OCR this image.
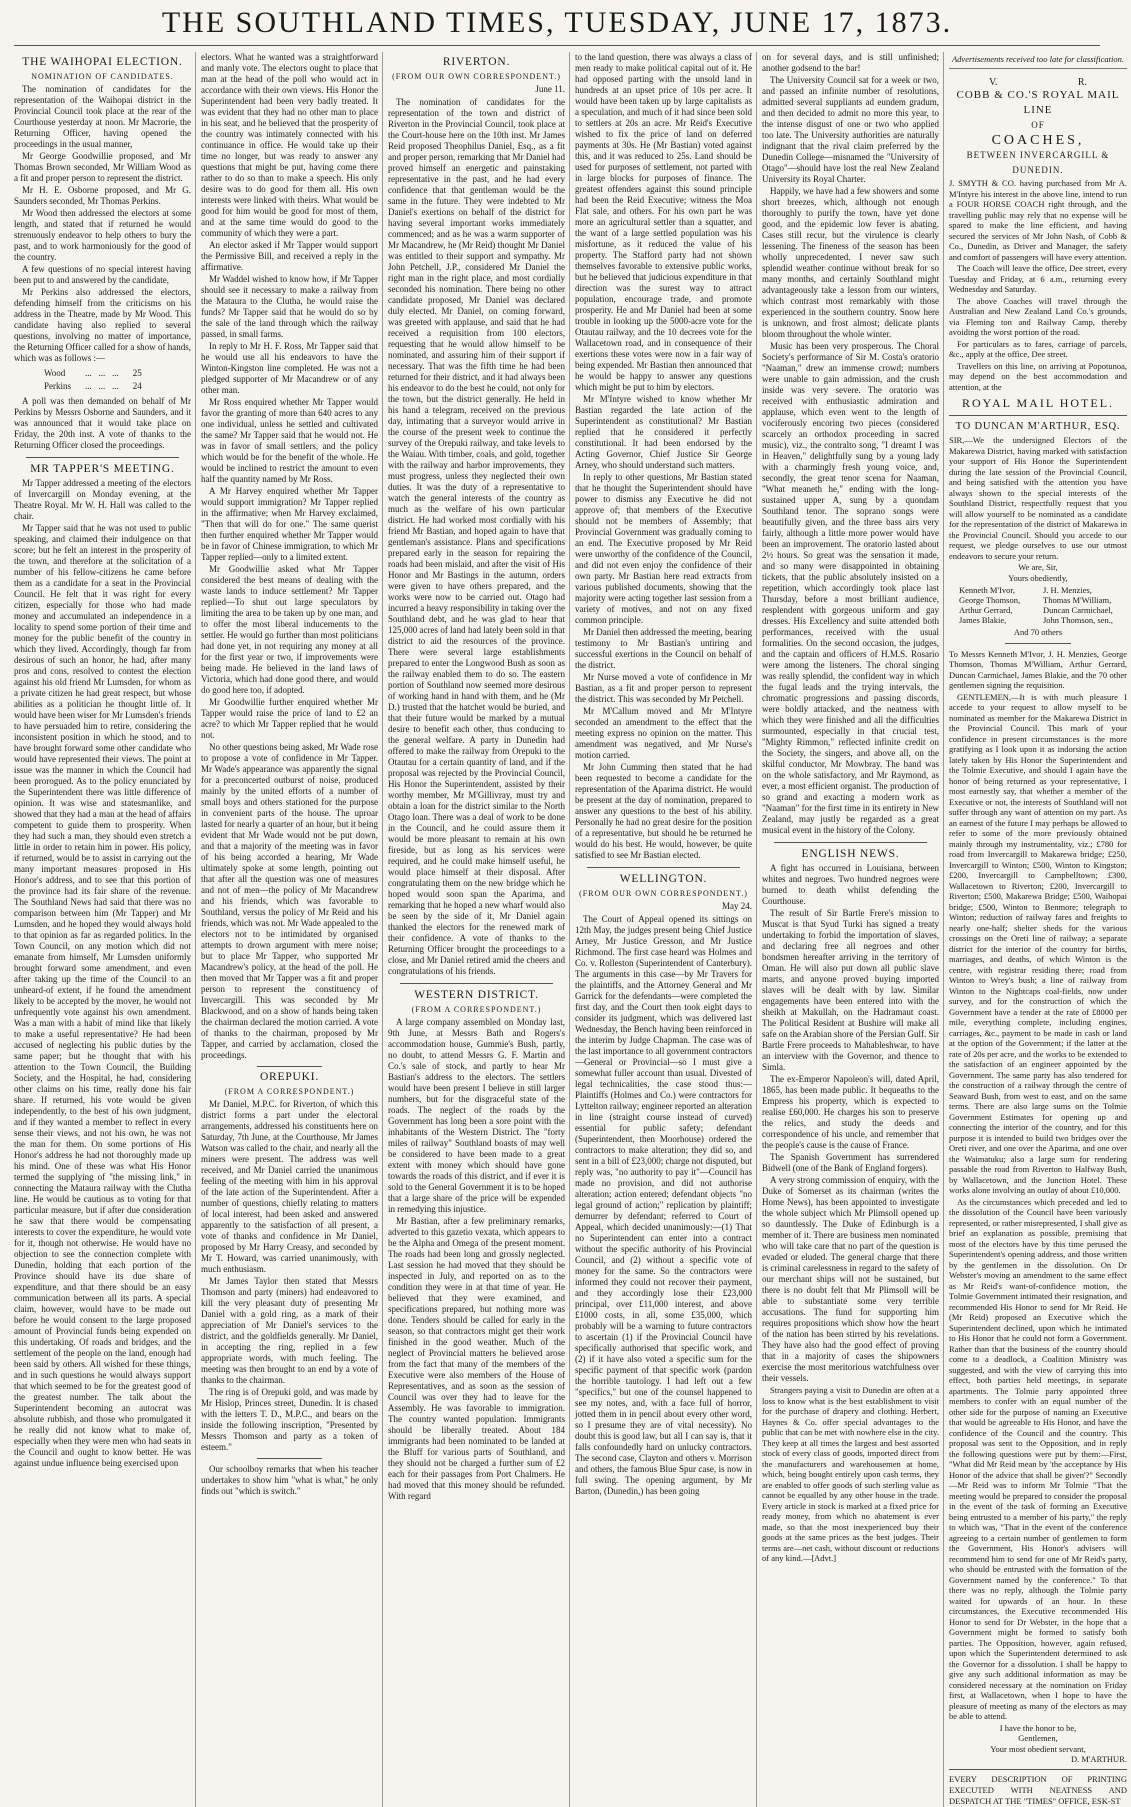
THE SOUTHLAND TIMES, TUESDAY, JUNE 17, 1873.
THE WAIHOPAI ELECTION.
NOMINATION OF CANDIDATES.

The nomination of candidates for the representation of the Waihopai district in the Provincial Council took place at the rear of the Courthouse yesterday at noon. Mr Macrorie, the Returning Officer, having opened the proceedings in the usual manner,

Mr George Goodwillie proposed, and Mr Thomas Brown seconded, Mr William Wood as a fit and proper person to represent the district.

Mr H. E. Osborne proposed, and Mr G. Saunders seconded, Mr Thomas Perkins.

Mr Wood then addressed the electors at some length, and stated that if returned he would strenuously endeavor to help others to bury the past, and to work harmoniously for the good of the country.

A few questions of no special interest having been put to and answered by the candidate,

Mr Perkins also addressed the electors, defending himself from the criticisms on his address in the Theatre, made by Mr Wood. This candidate having also replied to several questions, involving no matter of importance, the Returning Officer called for a show of hands, which was as follows :—

Wood	...   ...   ...	25
Perkins	...   ...   ...	24

A poll was then demanded on behalf of Mr Perkins by Messrs Osborne and Saunders, and it was announced that it would take place on Friday, the 20th inst. A vote of thanks to the Returning Officer closed the proceedings.

MR TAPPER'S MEETING.

Mr Tapper addressed a meeting of the electors of Invercargill on Monday evening, at the Theatre Royal. Mr W. H. Hall was called to the chair.

Mr Tapper said that he was not used to public speaking, and claimed their indulgence on that score; but he felt an interest in the prosperity of the town, and therefore at the solicitation of a number of his fellow-citizens he came before them as a candidate for a seat in the Provincial Council. He felt that it was right for every citizen, especially for those who had made money and accumulated an independence in a locality to spend some portion of their time and money for the public benefit of the country in which they lived. Accordingly, though far from desirous of such an honor, he had, after many pros and cons, resolved to contest the election against his old friend Mr Lumsden, for whom as a private citizen he had great respect, but whose abilities as a politician he thought little of. It would have been wiser for Mr Lumsden's friends to have persuaded him to retire, considering the inconsistent position in which he stood, and to have brought forward some other candidate who would have represented their views. The point at issue was the manner in which the Council had been prorogued. As to the policy enunciated by the Superintendent there was little difference of opinion. It was wise and statesmanlike, and showed that they had a man at the head of affairs competent to guide them to prosperity. When they had such a man, they should even stretch a little in order to retain him in power. His policy, if returned, would be to assist in carrying out the many important measures proposed in His Honor's address, and to see that this portion of the province had its fair share of the revenue. The Southland News had said that there was no comparison between him (Mr Tapper) and Mr Lumsden, and he hoped they would always hold to that opinion as far as regarded politics. In the Town Council, on any motion which did not emanate from himself, Mr Lumsden uniformly brought forward some amendment, and even after taking up the time of the Council to an unheard-of extent, if he found the amendment likely to be accepted by the mover, he would not unfrequently vote against his own amendment. Was a man with a habit of mind like that likely to make a useful representative? He had been accused of neglecting his public duties by the same paper; but he thought that with his attention to the Town Council, the Building Society, and the Hospital, he had, considering other claims on his time, really done his fair share. If returned, his vote would be given independently, to the best of his own judgment, and if they wanted a member to reflect in every sense their views, and not his own, he was not the man for them. On some portions of His Honor's address he had not thoroughly made up his mind. One of these was what His Honor termed the supplying of "the missing link," in connecting the Mataura railway with the Clutha line. He would be cautious as to voting for that particular measure, but if after due consideration he saw that there would be compensating interests to cover the expenditure, he would vote for it, though not otherwise. He would have no objection to see the connection complete with Dunedin, holding that each portion of the Province should have its due share of expenditure, and that there should be an easy communication between all its parts. A special claim, however, would have to be made out before he would consent to the large proposed amount of Provincial funds being expended on this undertaking. Of roads and bridges, and the settlement of the people on the land, enough had been said by others. All wished for these things, and in such questions he would always support that which seemed to be for the greatest good of the greatest number. The talk about the Superintendent becoming an autocrat was absolute rubbish, and those who promulgated it he really did not know what to make of, especially when they were men who had seats in the Council and ought to know better. He was against undue influence being exercised upon

electors. What he wanted was a straightforward and manly vote. The electors ought to place that man at the head of the poll who would act in accordance with their own views. His Honor the Superintendent had been very badly treated. It was evident that they had no other man to place in his seat, and he believed that the prosperity of the country was intimately connected with his continuance in office. He would take up their time no longer, but was ready to answer any questions that might be put, having come there rather to do so than to make a speech. His only desire was to do good for them all. His own interests were linked with theirs. What would be good for him would be good for most of them, and at the same time would do good to the community of which they were a part.

An elector asked if Mr Tapper would support the Permissive Bill, and received a reply in the affirmative.

Mr Waddel wished to know how, if Mr Tapper should see it necessary to make a railway from the Mataura to the Clutha, he would raise the funds? Mr Tapper said that he would do so by the sale of the land through which the railway passed, in small farms.

In reply to Mr H. F. Ross, Mr Tapper said that he would use all his endeavors to have the Winton-Kingston line completed. He was not a pledged supporter of Mr Macandrew or of any other man.

Mr Ross enquired whether Mr Tapper would favor the granting of more than 640 acres to any one individual, unless he settled and cultivated the same? Mr Tapper said that he would not. He was in favor of small settlers, and the policy which would be for the benefit of the whole. He would be inclined to restrict the amount to even half the quantity named by Mr Ross.

A Mr Harvey enquired whether Mr Tapper would support immigration? Mr Tapper replied in the affirmative; when Mr Harvey exclaimed, "Then that will do for one." The same querist then further enquired whether Mr Tapper would be in favor of Chinese immigration, to which Mr Tapper replied—only to a limited extent.

Mr Goodwillie asked what Mr Tapper considered the best means of dealing with the waste lands to induce settlement? Mr Tapper replied—To shut out large speculators by limiting the area to be taken up by one man, and to offer the most liberal inducements to the settler. He would go further than most politicians had done yet, in not requiring any money at all for the first year or two, if improvements were being made. He believed in the land laws of Victoria, which had done good there, and would do good here too, if adopted.

Mr Goodwillie further enquired whether Mr Tapper would raise the price of land to £2 an acre? to which Mr Tapper replied that he would not.

No other questions being asked, Mr Wade rose to propose a vote of confidence in Mr Tapper. Mr Wade's appearance was apparently the signal for a preconcerted outburst of noise, produced mainly by the united efforts of a number of small boys and others stationed for the purpose in convenient parts of the house. The uproar lasted for nearly a quarter of an hour, but it being evident that Mr Wade would not be put down, and that a majority of the meeting was in favor of his being accorded a hearing, Mr Wade ultimately spoke at some length, pointing out that after all the question was one of measures and not of men—the policy of Mr Macandrew and his friends, which was favorable to Southland, versus the policy of Mr Reid and his friends, which was not. Mr Wade appealed to the electors not to be intimidated by organised attempts to drown argument with mere noise; but to place Mr Tapper, who supported Mr Macandrew's policy, at the head of the poll. He then moved that Mr Tapper was a fit and proper person to represent the constituency of Invercargill. This was seconded by Mr Blackwood, and on a show of hands being taken the chairman declared the motion carried. A vote of thanks to the chairman, proposed by Mr Tapper, and carried by acclamation, closed the proceedings.

OREPUKI.
(FROM A CORRESPONDENT.)

Mr Daniel, M.P.C. for Riverton, of which this district forms a part under the electoral arrangements, addressed his constituents here on Saturday, 7th June, at the Courthouse. Mr James Watson was called to the chair, and nearly all the miners were present. The address was well received, and Mr Daniel carried the unanimous feeling of the meeting with him in his approval of the late action of the Superintendent. After a number of questions, chiefly relating to matters of local interest, had been asked and answered apparently to the satisfaction of all present, a vote of thanks and confidence in Mr Daniel, proposed by Mr Harry Creasy, and seconded by Mr T. Howard, was carried unanimously, with much enthusiasm.

Mr James Taylor then stated that Messrs Thomson and party (miners) had endeavored to kill the very pleasant duty of presenting Mr Daniel with a gold ring, as a mark of their appreciation of Mr Daniel's services to the district, and the goldfields generally. Mr Daniel, in accepting the ring, replied in a few appropriate words, with much feeling. The meeting was then brought to an end by a vote of thanks to the chairman.

The ring is of Orepuki gold, and was made by Mr Hislop, Princes street, Dunedin. It is chased with the letters T. D., M.P.C., and bears on the inside the following inscription, "Presented by Messrs Thomson and party as a token of esteem."

Our schoolboy remarks that when his teacher undertakes to show him "what is what," he only finds out "which is switch."

RIVERTON.
(FROM OUR OWN CORRESPONDENT.)
June 11.

The nomination of candidates for the representation of the town and district of Riverton in the Provincial Council, took place at the Court-house here on the 10th inst. Mr James Reid proposed Theophilus Daniel, Esq., as a fit and proper person, remarking that Mr Daniel had proved himself an energetic and painstaking representative in the past, and he had every confidence that that gentleman would be the same in the future. They were indebted to Mr Daniel's exertions on behalf of the district for having several important works immediately commenced; and as he was a warm supporter of Mr Macandrew, he (Mr Reid) thought Mr Daniel was entitled to their support and sympathy. Mr John Petchell, J.P., considered Mr Daniel the right man in the right place, and most cordially seconded his nomination. There being no other candidate proposed, Mr Daniel was declared duly elected. Mr Daniel, on coming forward, was greeted with applause, and said that he had received a requisition from 100 electors, requesting that he would allow himself to be nominated, and assuring him of their support if necessary. That was the fifth time he had been returned for their district, and it had always been his endeavor to do the best he could, not only for the town, but the district generally. He held in his hand a telegram, received on the previous day, intimating that a surveyor would arrive in the course of the present week to continue the survey of the Orepuki railway, and take levels to the Waiau. With timber, coals, and gold, together with the railway and harbor improvements, they must progress, unless they neglected their own duties. It was the duty of a representative to watch the general interests of the country as much as the welfare of his own particular district. He had worked most cordially with his friend Mr Bastian, and hoped again to have that gentleman's assistance. Plans and specifications prepared early in the season for repairing the roads had been mislaid, and after the visit of His Honor and Mr Bastings in the autumn, orders were given to have others prepared, and the works were now to be carried out. Otago had incurred a heavy responsibility in taking over the Southland debt, and he was glad to hear that 125,000 acres of land had lately been sold in that district to aid the resources of the province. There were several large establishments prepared to enter the Longwood Bush as soon as the railway enabled them to do so. The eastern portion of Southland now seemed more desirous of working hand in hand with them, and he (Mr D.) trusted that the hatchet would be buried, and that their future would be marked by a mutual desire to benefit each other, thus conducing to the general welfare. A party in Dunedin had offered to make the railway from Orepuki to the Otautau for a certain quantity of land, and if the proposal was rejected by the Provincial Council, His Honor the Superintendent, assisted by their worthy member, Mr M'Gillivray, must try and obtain a loan for the district similar to the North Otago loan. There was a deal of work to be done in the Council, and he could assure them it would be more pleasant to remain at his own fireside, but as long as his services were required, and he could make himself useful, he would place himself at their disposal. After congratulating them on the new bridge which he hoped would soon span the Aparima, and remarking that he hoped a new wharf would also be seen by the side of it, Mr Daniel again thanked the electors for the renewed mark of their confidence. A vote of thanks to the Returning Officer brought the proceedings to a close, and Mr Daniel retired amid the cheers and congratulations of his friends.

WESTERN DISTRICT.
(FROM A CORRESPONDENT.)

A large company assembled on Monday last, 9th June, at Messrs Bath and Rogers's accommodation house, Gummie's Bush, partly, no doubt, to attend Messrs G. F. Martin and Co.'s sale of stock, and partly to hear Mr Bastian's address to the electors. The settlers would have been present I believe in still larger numbers, but for the disgraceful state of the roads. The neglect of the roads by the Government has long been a sore point with the inhabitants of the Western District. The "forty miles of railway" Southland boasts of may well be considered to have been made to a great extent with money which should have gone towards the roads of this district, and if ever it is sold to the General Government it is to be hoped that a large share of the price will be expended in remedying this injustice.

Mr Bastian, after a few preliminary remarks, adverted to this gazetio vexata, which appears to be the Alpha and Omega of the present moment. The roads had been long and grossly neglected. Last session he had moved that they should be inspected in July, and reported on as to the condition they were in at that time of year. He believed that they were examined, and specifications prepared, but nothing more was done. Tenders should be called for early in the season, so that contractors might get their work finished in the good weather. Much of the neglect of Provincial matters he believed arose from the fact that many of the members of the Executive were also members of the House of Representatives, and as soon as the session of Council was over they had to leave for the Assembly. He was favorable to immigration. The country wanted population. Immigrants should be liberally treated. About 184 immigrants had been nominated to be landed at the Bluff for various parts of Southland, and they should not be charged a further sum of £2 each for their passages from Port Chalmers. He had moved that this money should be refunded. With regard

to the land question, there was always a class of men ready to make political capital out of it. He had opposed parting with the unsold land in hundreds at an upset price of 10s per acre. It would have been taken up by large capitalists as a speculation, and much of it had since been sold to settlers at 20s an acre. Mr Reid's Executive wished to fix the price of land on deferred payments at 30s. He (Mr Bastian) voted against this, and it was reduced to 25s. Land should be used for purposes of settlement, not parted with in large blocks for purposes of finance. The greatest offenders against this sound principle had been the Reid Executive; witness the Moa Flat sale, and others. For his own part he was more an agricultural settler than a squatter, and the want of a large settled population was his misfortune, as it reduced the value of his property. The Stafford party had not shown themselves favorable to extensive public works, but he believed that judicious expenditure in that direction was the surest way to attract population, encourage trade, and promote prosperity. He and Mr Daniel had been at some trouble in looking up the 5000-acre vote for the Otautau railway, and the 10 decrees vote for the Wallacetown road, and in consequence of their exertions these votes were now in a fair way of being expended. Mr Bastian then announced that he would be happy to answer any questions which might be put to him by electors.

Mr M'Intyre wished to know whether Mr Bastian regarded the late action of the Superintendent as constitutional? Mr Bastian replied that he considered it perfectly constitutional. It had been endorsed by the Acting Governor, Chief Justice Sir George Arney, who should understand such matters.

In reply to other questions, Mr Bastian stated that he thought the Superintendent should have power to dismiss any Executive he did not approve of; that members of the Executive should not be members of Assembly; that Provincial Government was gradually coming to an end. The Executive proposed by Mr Reid were unworthy of the confidence of the Council, and did not even enjoy the confidence of their own party. Mr Bastian here read extracts from various published documents, showing that the majority were acting together last session from a variety of motives, and not on any fixed common principle.

Mr Daniel then addressed the meeting, bearing testimony to Mr Bastian's untiring and successful exertions in the Council on behalf of the district.

Mr Nurse moved a vote of confidence in Mr Bastian, as a fit and proper person to represent the district. This was seconded by Mr Petchell.

Mr M'Callum moved and Mr M'Intyre seconded an amendment to the effect that the meeting express no opinion on the matter. This amendment was negatived, and Mr Nurse's motion carried.

Mr John Cumming then stated that he had been requested to become a candidate for the representation of the Aparima district. He would be present at the day of nomination, prepared to answer any questions to the best of his ability. Personally he had no great desire for the position of a representative, but should he be returned he would do his best. He would, however, be quite satisfied to see Mr Bastian elected.

WELLINGTON.
(FROM OUR OWN CORRESPONDENT.)
May 24.

The Court of Appeal opened its sittings on 12th May, the judges present being Chief Justice Arney, Mr Justice Gresson, and Mr Justice Richmond. The first case heard was Holmes and Co. v. Rolleston (Superintendent of Canterbury). The arguments in this case—by Mr Travers for the plaintiffs, and the Attorney General and Mr Garrick for the defendants—were completed the first day, and the Court then took eight days to consider its judgment, which was delivered last Wednesday, the Bench having been reinforced in the interim by Judge Chapman. The case was of the last importance to all government contractors—General or Provincial—so I must give a somewhat fuller account than usual. Divested of legal technicalities, the case stood thus:—Plaintiffs (Holmes and Co.) were contractors for Lyttelton railway; engineer reported an alteration in line (straight course instead of curved) essential for public safety; defendant (Superintendent, then Moorhouse) ordered the contractors to make alteration; they did so, and sent in a bill of £23,000; charge not disputed, but reply was, "no authority to pay it"—Council has made no provision, and did not authorise alteration; action entered; defendant objects "no legal ground of action;" replication by plaintiff; demurrer by defendant; referred to Court of Appeal, which decided unanimously:—(1) That no Superintendent can enter into a contract without the specific authority of his Provincial Council, and (2) without a specific vote of money for the same. So the contractors were informed they could not recover their payment, and they accordingly lose their £23,000 principal, over £11,000 interest, and above £1000 costs, in all, some £35,000, which probably will be a warning to future contractors to ascertain (1) if the Provincial Council have specifically authorised that specific work, and (2) if it have also voted a specific sum for the specific payment of that specific work (pardon the horrible tautology. I had left out a few "specifics," but one of the counsel happened to see my notes, and, with a face full of horror, jotted them in in pencil about every other word, so I presume they are of vital necessity). No doubt this is good law, but all I can say is, that it falls confoundedly hard on unlucky contractors. The second case, Clayton and others v. Morrison and others, the famous Blue Spur case, is now in full swing. The opening argument, by Mr Barton, (Dunedin,) has been going

on for several days, and is still unfinished; another godsend to the bar!

The University Council sat for a week or two, and passed an infinite number of resolutions, admitted several suppliants ad eundem gradum, and then decided to admit no more this year, to the intense disgust of one or two who applied too late. The University authorities are naturally indignant that the rival claim preferred by the Dunedin College—misnamed the "University of Otago"—should have lost the real New Zealand University its Royal Charter.

Happily, we have had a few showers and some short breezes, which, although not enough thoroughly to purify the town, have yet done good, and the epidemic low fever is abating. Cases still recur, but the virulence is clearly lessening. The fineness of the season has been wholly unprecedented. I never saw such splendid weather continue without break for so many months, and certainly Southland might advantageously take a lesson from our winters, which contrast most remarkably with those experienced in the southern country. Snow here is unknown, and frost almost; delicate plants bloom throughout the whole winter.

Music has been very prosperous. The Choral Society's performance of Sir M. Costa's oratorio "Naaman," drew an immense crowd; numbers were unable to gain admission, and the crush inside was very severe. The oratorio was received with enthusiastic admiration and applause, which even went to the length of vociferously encoring two pieces (considered scarcely an orthodox proceeding in sacred music), viz., the contralto song, "I dreamt I was in Heaven," delightfully sung by a young lady with a charmingly fresh young voice, and, secondly, the great tenor scena for Naaman, "What meaneth he," ending with the long-sustained upper A, sung by a quondam Southland tenor. The soprano songs were beautifully given, and the three bass airs very fairly, although a little more power would have been an improvement. The oratorio lasted about 2½ hours. So great was the sensation it made, and so many were disappointed in obtaining tickets, that the public absolutely insisted on a repetition, which accordingly took place last Thursday, before a most brilliant audience, resplendent with gorgeous uniform and gay dresses. His Excellency and suite attended both performances, received with the usual formalities. On the second occasion, the judges, and the captain and officers of H.M.S. Rosario were among the listeners. The choral singing was really splendid, the confident way in which the fugal leads and the trying intervals, the chromatic progressions and passing discords, were boldly attacked, and the neatness with which they were finished and all the difficulties surmounted, especially in that crucial test, "Mighty Rimmon," reflected infinite credit on the Society, the singers, and above all, on the skilful conductor, Mr Mowbray. The band was on the whole satisfactory, and Mr Raymond, as ever, a most efficient organist. The production of so grand and exacting a modern work as "Naaman" for the first time in its entirety in New Zealand, may justly be regarded as a great musical event in the history of the Colony.

ENGLISH NEWS.

A fight has occurred in Louisiana, between whites and negroes. Two hundred negroes were burned to death whilst defending the Courthouse.

The result of Sir Bartle Frere's mission to Muscat is that Syud Turki has signed a treaty undertaking to forbid the importation of slaves, and declaring free all negroes and other bondsmen hereafter arriving in the territory of Oman. He will also put down all public slave marts, and anyone proved buying imported slaves will be dealt with by law. Similar engagements have been entered into with the sheikh at Makullah, on the Hadramaut coast. The Political Resident at Bushire will make all safe on the Arabian shore of the Persian Gulf. Sir Bartle Frere proceeds to Mahableshwar, to have an interview with the Governor, and thence to Simla.

The ex-Emperor Napoleon's will, dated April, 1865, has been made public. It bequeaths to the Empress his property, which is expected to realise £60,000. He charges his son to preserve the relics, and study the deeds and correspondence of his uncle, and remember that the people's cause is the cause of France.

The Spanish Government has surrendered Bidwell (one of the Bank of England forgers).

A very strong commission of enquiry, with the Duke of Somerset as its chairman (writes the Home News), has been appointed to investigate the whole subject which Mr Plimsoll opened up so dauntlessly. The Duke of Edinburgh is a member of it. There are business men nominated who will take care that no part of the question is evaded or eluded. The general charge that there is criminal carelessness in regard to the safety of our merchant ships will not be sustained, but there is no doubt felt that Mr Plimsoll will be able to substantiate some very terrible accusations. The fund for supporting him requires propositions which show how the heart of the nation has been stirred by his revelations. They have also had the good effect of proving that in a majority of cases the shipowners exercise the most meritorious watchfulness over their vessels.

Strangers paying a visit to Dunedin are often at a loss to know what is the best establishment to visit for the purchase of drapery and clothing. Herbert, Haynes & Co. offer special advantages to the public that can be met with nowhere else in the city. They keep at all times the largest and best assorted stock of every class of goods, imported direct from the manufacturers and warehousemen at home, which, being bought entirely upon cash terms, they are enabled to offer goods of such sterling value as cannot be equalled by any other house in the trade. Every article in stock is marked at a fixed price for ready money, from which no abatement is ever made, so that the most inexperienced buy their goods at the same prices as the best judges. Their terms are—net cash, without discount or reductions of any kind.—[Advt.]

Advertisements received too late for classification.
V.	R.
COBB & CO.'S ROYAL MAIL LINE
OF
COACHES,
BETWEEN INVERCARGILL & DUNEDIN.

J. SMYTH & CO. having purchased from Mr A. M'Intyre his interest in the above line, intend to run a FOUR HORSE COACH right through, and the travelling public may rely that no expense will be spared to make the line efficient, and having secured the services of Mr John Nash, of Cobb & Co., Dunedin, as Driver and Manager, the safety and comfort of passengers will have every attention.

The Coach will leave the office, Dee street, every Tuesday and Friday, at 6 a.m., returning every Wednesday and Saturday.

The above Coaches will travel through the Australian and New Zealand Land Co.'s grounds, via Fleming ton and Railway Camp, thereby avoiding the worst portion of the road.

For particulars as to fares, carriage of parcels, &c., apply at the office, Dee street.

Travellers on this line, on arriving at Popotunoa, may depend on the best accommodation and attention, at the

ROYAL MAIL HOTEL.
TO DUNCAN M'ARTHUR, ESQ.

SIR,—We the undersigned Electors of the Makarewa District, having marked with satisfaction your support of His Honor the Superintendent during the late session of the Provincial Council, and being satisfied with the attention you have always shown to the special interests of the Southland District, respectfully request that you will allow yourself to be nominated as a candidate for the representation of the district of Makarewa in the Provincial Council. Should you accede to our request, we pledge ourselves to use our utmost endeavors to secure your return.

We are, Sir,
Yours obediently,
Kenneth M'Ivor,	J. H. Menzies,
George Thomson,	Thomas M'William,
Arthur Gerrard,	Duncan Carmichael,
James Blakie,	John Thomson, sen.,
And 70 others

To Messrs Kenneth M'Ivor, J. H. Menzies, George Thomson, Thomas M'William, Arthur Gerrard, Duncan Carmichael, James Blakie, and the 70 other gentlemen signing the requisition.

GENTLEMEN,—It is with much pleasure I accede to your request to allow myself to be nominated as member for the Makarewa District in the Provincial Council. This mark of your confidence in present circumstances is the more gratifying as I look upon it as indorsing the action lately taken by His Honor the Superintendent and the Tolmie Executive, and should I again have the honor of being returned as your representative, I most earnestly say, that whether a member of the Executive or not, the interests of Southland will not suffer through any want of attention on my part. As an earnest of the future I may perhaps be allowed to refer to some of the more previously obtained mainly through my instrumentality, viz.; £780 for road from Invercargill to Makarewa bridge; £250, Invercargill to Winton; £500, Winton to Kingston; £200, Invercargill to Campbelltown; £300, Wallacetown to Riverton; £200, Invercargill to Riverton; £500, Makarewa Bridge; £500, Waihopai bridge; £500, Winton to Benmore; telegraph to Winton; reduction of railway fares and freights to nearly one-half; shelter sheds for the various crossings on the Oreti line of railway; a separate district for the interior of the country for births, marriages, and deaths, of which Winton is the centre, with registrar residing there; road from Winton to Wrey's bush; a line of railway from Winton to the Nightcaps coal-fields, now under survey, and for the construction of which the Government have a tender at the rate of £8000 per mile, everything complete, including engines, carriages, &c., payment to be made in cash or land at the option of the Government; if the latter at the rate of 20s per acre, and the works to be extended to the satisfaction of an engineer appointed by the Government. The same party has also tendered for the construction of a railway through the centre of Seaward Bush, from west to east, and on the same terms. There are also large sums on the Tolmie Government Estimates for opening up and connecting the interior of the country, and for this purpose it is intended to build two bridges over the Oreti river, and one over the Aparima, and one over the Waimatuku; also a large sum for rendering passable the road from Riverton to Halfway Bush, by Wallacetown, and the Junction Hotel. These works alone involving an outlay of about £10,000.

As the circumstances which preceded and led to the dissolution of the Council have been variously represented, or rather misrepresented, I shall give as brief an explanation as possible, premising that most of the electors have by this time perused the Superintendent's opening address, and those written by the gentlemen in the dissolution. On Dr Webster's moving an amendment to the same effect as Mr Reid's want-of-confidence motion, the Tolmie Government intimated their resignation, and recommended His Honor to send for Mr Reid. He (Mr Reid) proposed an Executive which the Superintendent declined, upon which he intimated to His Honor that he could not form a Government. Rather than that the business of the country should come to a deadlock, a Coalition Ministry was suggested, and with the view of carrying this into effect, both parties held meetings, in separate apartments. The Tolmie party appointed three members to confer with an equal number of the other side for the purpose of naming an Executive that would be agreeable to His Honor, and have the confidence of the Council and the country. This proposal was sent to the Opposition, and in reply the following questions were put by them:—First, "What did Mr Reid mean by 'the acceptance by His Honor of the advice that shall be given'?" Secondly—Mr Reid was to inform Mr Tolmie "That the meeting would be prepared to consider the proposal in the event of the task of forming an Executive being entrusted to a member of his party," the reply to which was, "That in the event of the conference agreeing to a certain number of gentlemen to form the Government, His Honor's advisers will recommend him to send for one of Mr Reid's party, who should be entrusted with the formation of the Government named by the conference." To that there was no reply, although the Tolmie party waited for upwards of an hour. In these circumstances, the Executive recommended His Honor to send for Dr Webster, in the hope that a Government might be formed to satisfy both parties. The Opposition, however, again refused, upon which the Superintendent determined to ask the Governor for a dissolution. I shall be happy to give any such additional information as may be considered necessary at the nomination on Friday first, at Wallacetown, when I hope to have the pleasure of meeting as many of the electors as may be able to attend.

I have the honor to be,
Gentlemen,
Your most obedient servant,
D. M'ARTHUR.
EVERY DESCRIPTION OF PRINTING EXECUTED WITH NEATNESS AND DESPATCH AT THE "TIMES" OFFICE, ESK-ST
